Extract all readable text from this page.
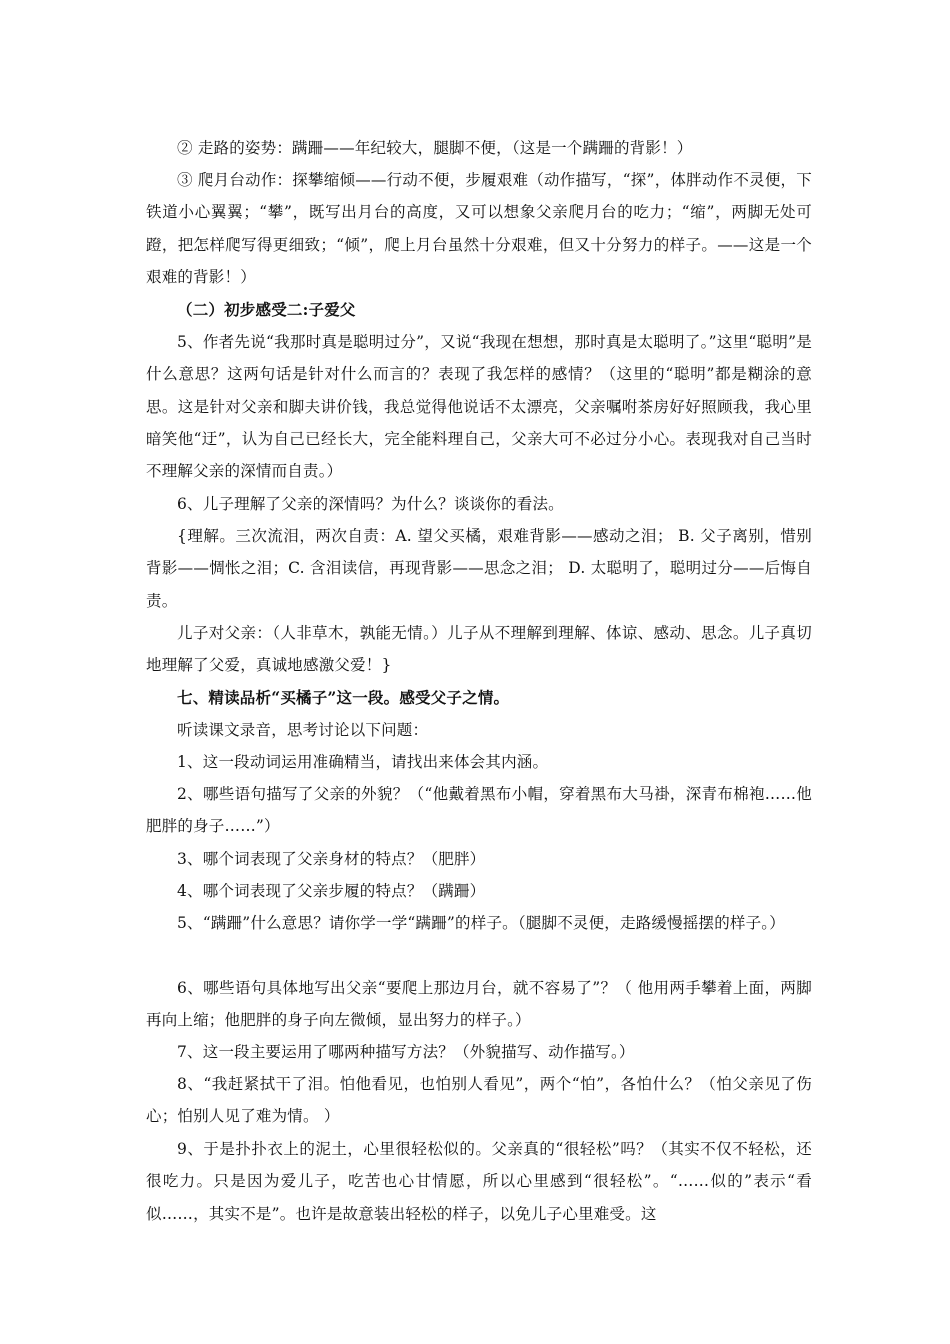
② 走路的姿势：蹒跚——年纪较大，腿脚不便，（这是一个蹒跚的背影！）

③ 爬月台动作：探攀缩倾——行动不便，步履艰难（动作描写，“探”，体胖动作不灵便，下铁道小心翼翼；“攀”，既写出月台的高度，又可以想象父亲爬月台的吃力；“缩”，两脚无处可蹬，把怎样爬写得更细致；“倾”，爬上月台虽然十分艰难，但又十分努力的样子。——这是一个艰难的背影！）

（二）初步感受二:子爱父

5、作者先说“我那时真是聪明过分”，又说“我现在想想，那时真是太聪明了。”这里“聪明”是什么意思？这两句话是针对什么而言的？表现了我怎样的感情？（这里的“聪明”都是糊涂的意思。这是针对父亲和脚夫讲价钱，我总觉得他说话不太漂亮，父亲嘱咐茶房好好照顾我，我心里暗笑他“迂”，认为自己已经长大，完全能料理自己，父亲大可不必过分小心。表现我对自己当时不理解父亲的深情而自责。）

6、儿子理解了父亲的深情吗？为什么？谈谈你的看法。

{理解。三次流泪，两次自责：A. 望父买橘，艰难背影——感动之泪； B. 父子离别，惜别背影——惆怅之泪；C. 含泪读信，再现背影——思念之泪； D. 太聪明了，聪明过分——后悔自责。

儿子对父亲：（人非草木，孰能无情。）儿子从不理解到理解、体谅、感动、思念。儿子真切地理解了父爱，真诚地感激父爱！}

七、精读品析“买橘子”这一段。感受父子之情。

听读课文录音，思考讨论以下问题：

1、这一段动词运用准确精当，请找出来体会其内涵。

2、哪些语句描写了父亲的外貌？（“他戴着黑布小帽，穿着黑布大马褂，深青布棉袍……他肥胖的身子……”）

3、哪个词表现了父亲身材的特点？（肥胖）

4、哪个词表现了父亲步履的特点？（蹒跚）

5、“蹒跚”什么意思？请你学一学“蹒跚”的样子。（腿脚不灵便，走路缓慢摇摆的样子。）

6、哪些语句具体地写出父亲“要爬上那边月台，就不容易了”？（ 他用两手攀着上面，两脚再向上缩；他肥胖的身子向左微倾，显出努力的样子。）

7、这一段主要运用了哪两种描写方法？（外貌描写、动作描写。）

8、“我赶紧拭干了泪。怕他看见，也怕别人看见”，两个“怕”，各怕什么？（怕父亲见了伤心；怕别人见了难为情。 ）

9、于是扑扑衣上的泥土，心里很轻松似的。父亲真的“很轻松”吗？（其实不仅不轻松，还很吃力。只是因为爱儿子，吃苦也心甘情愿，所以心里感到“很轻松”。“……似的”表示“看似……，其实不是”。也许是故意装出轻松的样子，以免儿子心里难受。这
